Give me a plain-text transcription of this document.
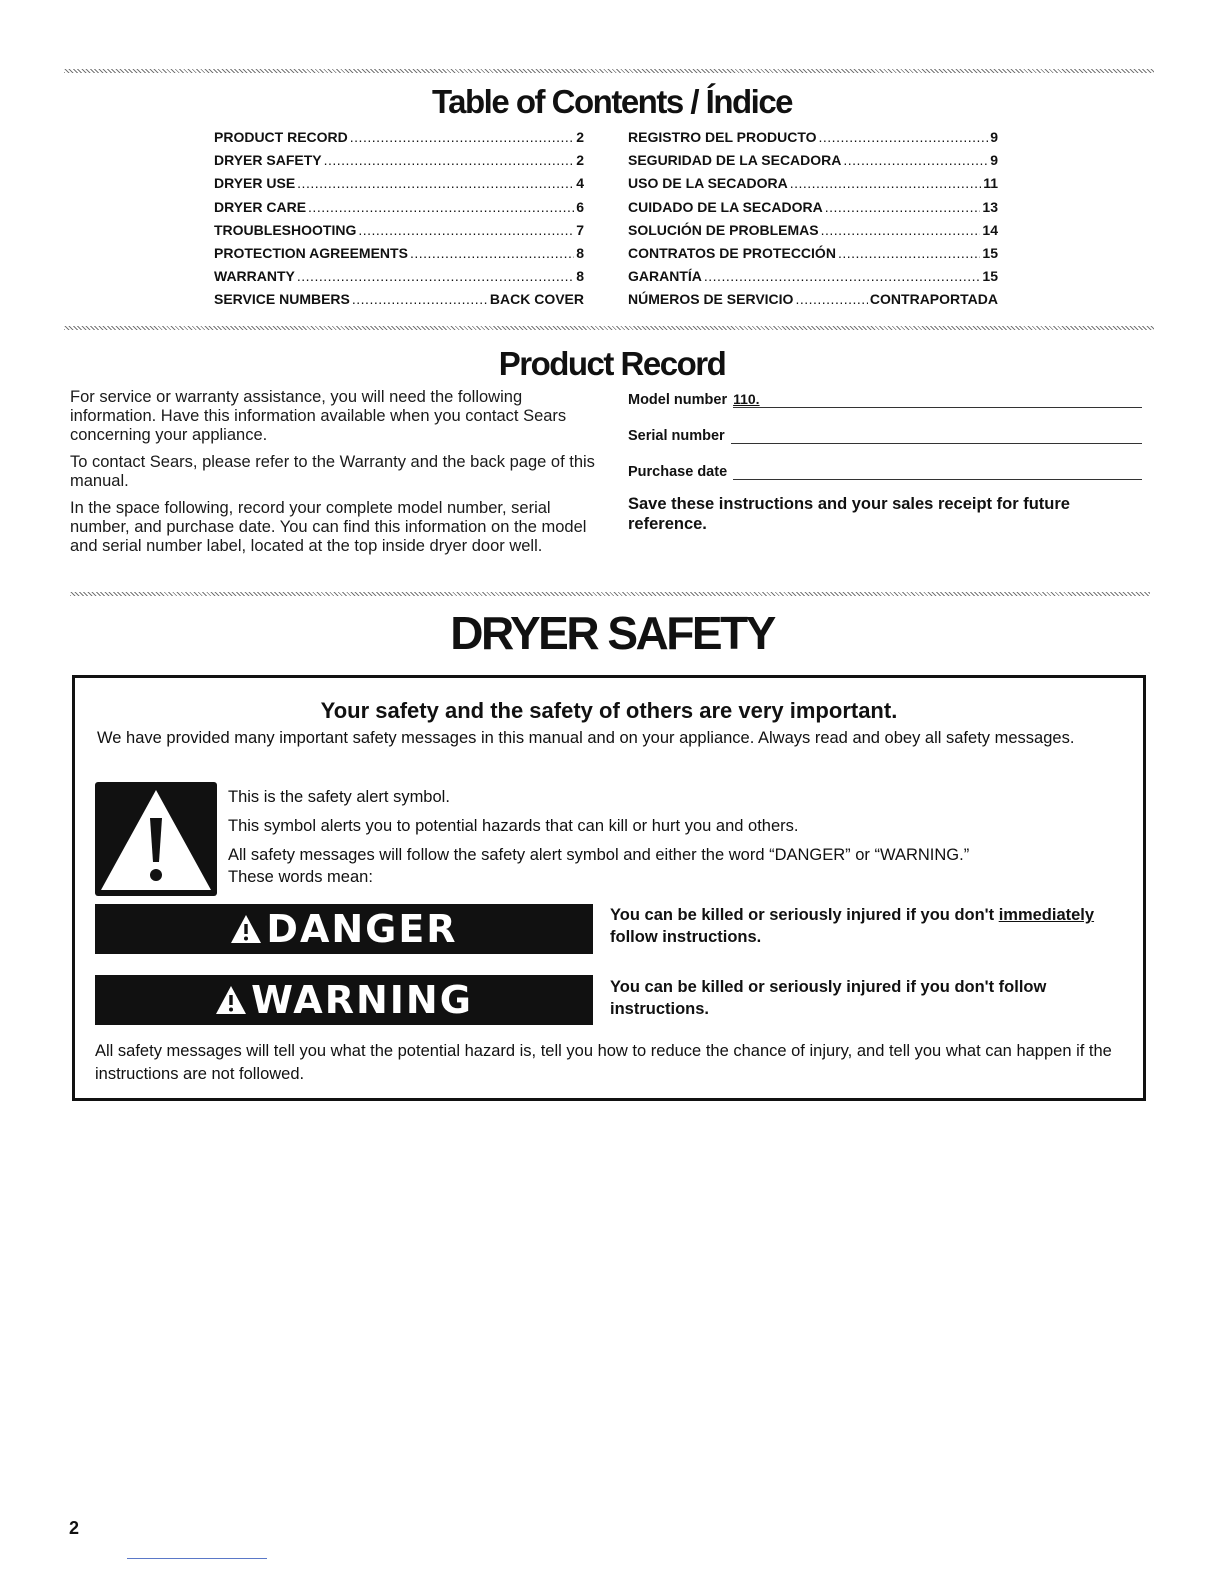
Table of Contents / Índice
PRODUCT RECORD .....	2
DRYER SAFETY .....	2
DRYER USE .....	4
DRYER CARE .....	6
TROUBLESHOOTING .....	7
PROTECTION AGREEMENTS .....	8
WARRANTY .....	8
SERVICE NUMBERS .....	BACK COVER
REGISTRO DEL PRODUCTO .....	9
SEGURIDAD DE LA SECADORA .....	9
USO DE LA SECADORA .....	11
CUIDADO DE LA SECADORA .....	13
SOLUCIÓN DE PROBLEMAS .....	14
CONTRATOS DE PROTECCIÓN .....	15
GARANTÍA .....	15
NÚMEROS DE SERVICIO .....	CONTRAPORTADA
Product Record

For service or warranty assistance, you will need the following information. Have this information available when you contact Sears concerning your appliance.

To contact Sears, please refer to the Warranty and the back page of this manual.

In the space following, record your complete model number, serial number, and purchase date. You can find this information on the model and serial number label, located at the top inside dryer door well.

Model number 110.
Serial number
Purchase date
Save these instructions and your sales receipt for future reference.
DRYER SAFETY
Your safety and the safety of others are very important.

We have provided many important safety messages in this manual and on your appliance. Always read and obey all safety messages.

This is the safety alert symbol.

This symbol alerts you to potential hazards that can kill or hurt you and others.

All safety messages will follow the safety alert symbol and either the word “DANGER” or “WARNING.”

These words mean:

DANGER	You can be killed or seriously injured if you don't immediately follow instructions.
WARNING	You can be killed or seriously injured if you don't follow instructions.

All safety messages will tell you what the potential hazard is, tell you how to reduce the chance of injury, and tell you what can happen if the instructions are not followed.

2
